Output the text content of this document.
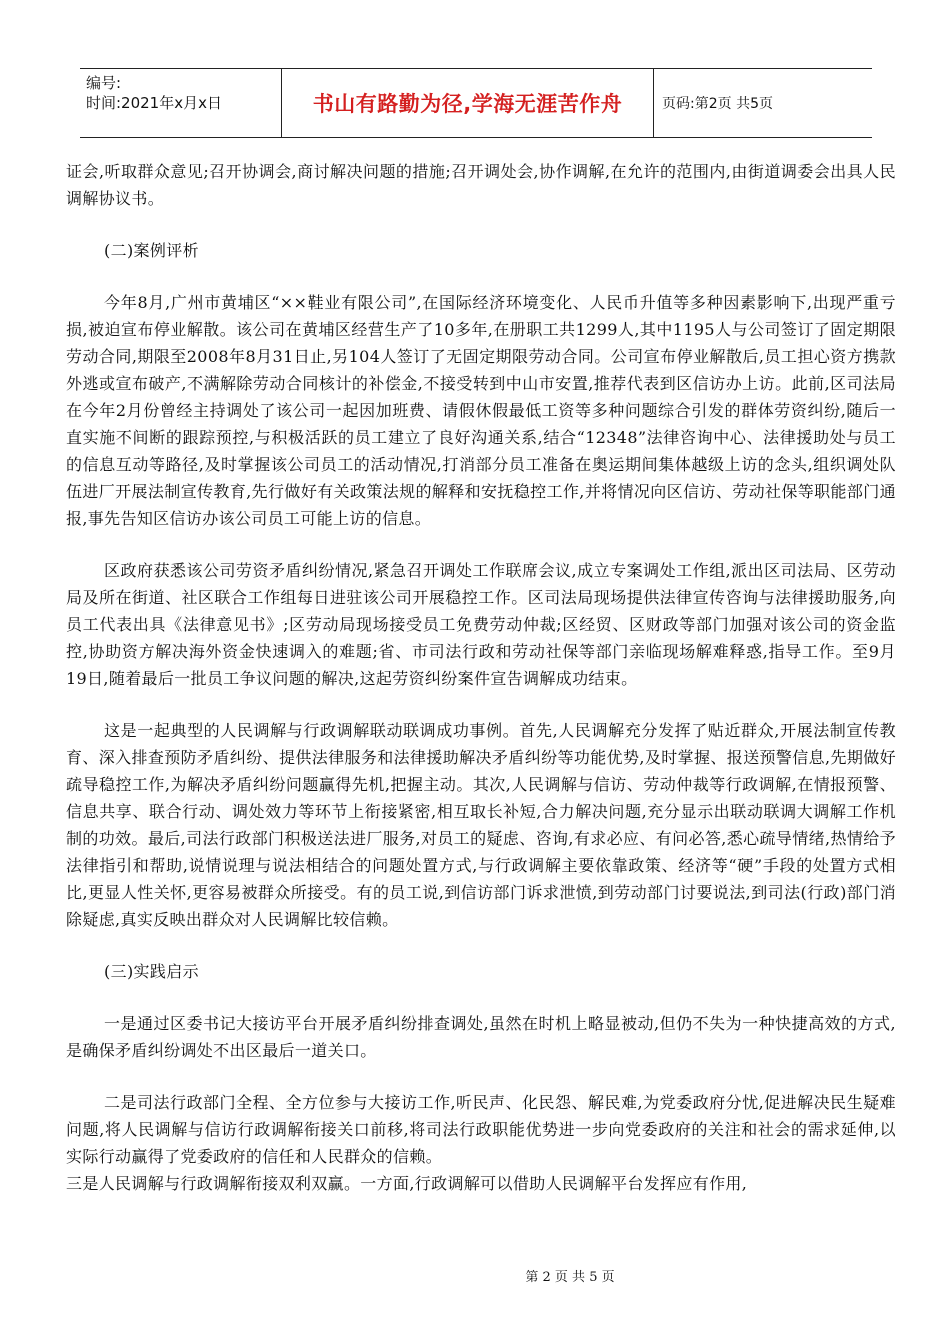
编号:
时间:2021年x月x日	书山有路勤为径,学海无涯苦作舟	页码:第2页 共5页

证会,听取群众意见;召开协调会,商讨解决问题的措施;召开调处会,协作调解,在允许的范围内,由街道调委会出具人民调解协议书。

(二)案例评析

今年8月,广州市黄埔区“××鞋业有限公司”,在国际经济环境变化、人民币升值等多种因素影响下,出现严重亏损,被迫宣布停业解散。该公司在黄埔区经营生产了10多年,在册职工共1299人,其中1195人与公司签订了固定期限劳动合同,期限至2008年8月31日止,另104人签订了无固定期限劳动合同。公司宣布停业解散后,员工担心资方携款外逃或宣布破产,不满解除劳动合同核计的补偿金,不接受转到中山市安置,推荐代表到区信访办上访。此前,区司法局在今年2月份曾经主持调处了该公司一起因加班费、请假休假最低工资等多种问题综合引发的群体劳资纠纷,随后一直实施不间断的跟踪预控,与积极活跃的员工建立了良好沟通关系,结合“12348”法律咨询中心、法律援助处与员工的信息互动等路径,及时掌握该公司员工的活动情况,打消部分员工准备在奥运期间集体越级上访的念头,组织调处队伍进厂开展法制宣传教育,先行做好有关政策法规的解释和安抚稳控工作,并将情况向区信访、劳动社保等职能部门通报,事先告知区信访办该公司员工可能上访的信息。

区政府获悉该公司劳资矛盾纠纷情况,紧急召开调处工作联席会议,成立专案调处工作组,派出区司法局、区劳动局及所在街道、社区联合工作组每日进驻该公司开展稳控工作。区司法局现场提供法律宣传咨询与法律援助服务,向员工代表出具《法律意见书》;区劳动局现场接受员工免费劳动仲裁;区经贸、区财政等部门加强对该公司的资金监控,协助资方解决海外资金快速调入的难题;省、市司法行政和劳动社保等部门亲临现场解难释惑,指导工作。至9月19日,随着最后一批员工争议问题的解决,这起劳资纠纷案件宣告调解成功结束。

这是一起典型的人民调解与行政调解联动联调成功事例。首先,人民调解充分发挥了贴近群众,开展法制宣传教育、深入排查预防矛盾纠纷、提供法律服务和法律援助解决矛盾纠纷等功能优势,及时掌握、报送预警信息,先期做好疏导稳控工作,为解决矛盾纠纷问题赢得先机,把握主动。其次,人民调解与信访、劳动仲裁等行政调解,在情报预警、信息共享、联合行动、调处效力等环节上衔接紧密,相互取长补短,合力解决问题,充分显示出联动联调大调解工作机制的功效。最后,司法行政部门积极送法进厂服务,对员工的疑虑、咨询,有求必应、有问必答,悉心疏导情绪,热情给予法律指引和帮助,说情说理与说法相结合的问题处置方式,与行政调解主要依靠政策、经济等“硬”手段的处置方式相比,更显人性关怀,更容易被群众所接受。有的员工说,到信访部门诉求泄愤,到劳动部门讨要说法,到司法(行政)部门消除疑虑,真实反映出群众对人民调解比较信赖。

(三)实践启示

一是通过区委书记大接访平台开展矛盾纠纷排查调处,虽然在时机上略显被动,但仍不失为一种快捷高效的方式,是确保矛盾纠纷调处不出区最后一道关口。

二是司法行政部门全程、全方位参与大接访工作,听民声、化民怨、解民难,为党委政府分忧,促进解决民生疑难问题,将人民调解与信访行政调解衔接关口前移,将司法行政职能优势进一步向党委政府的关注和社会的需求延伸,以实际行动赢得了党委政府的信任和人民群众的信赖。

三是人民调解与行政调解衔接双利双赢。一方面,行政调解可以借助人民调解平台发挥应有作用,

第 2 页 共 5 页
